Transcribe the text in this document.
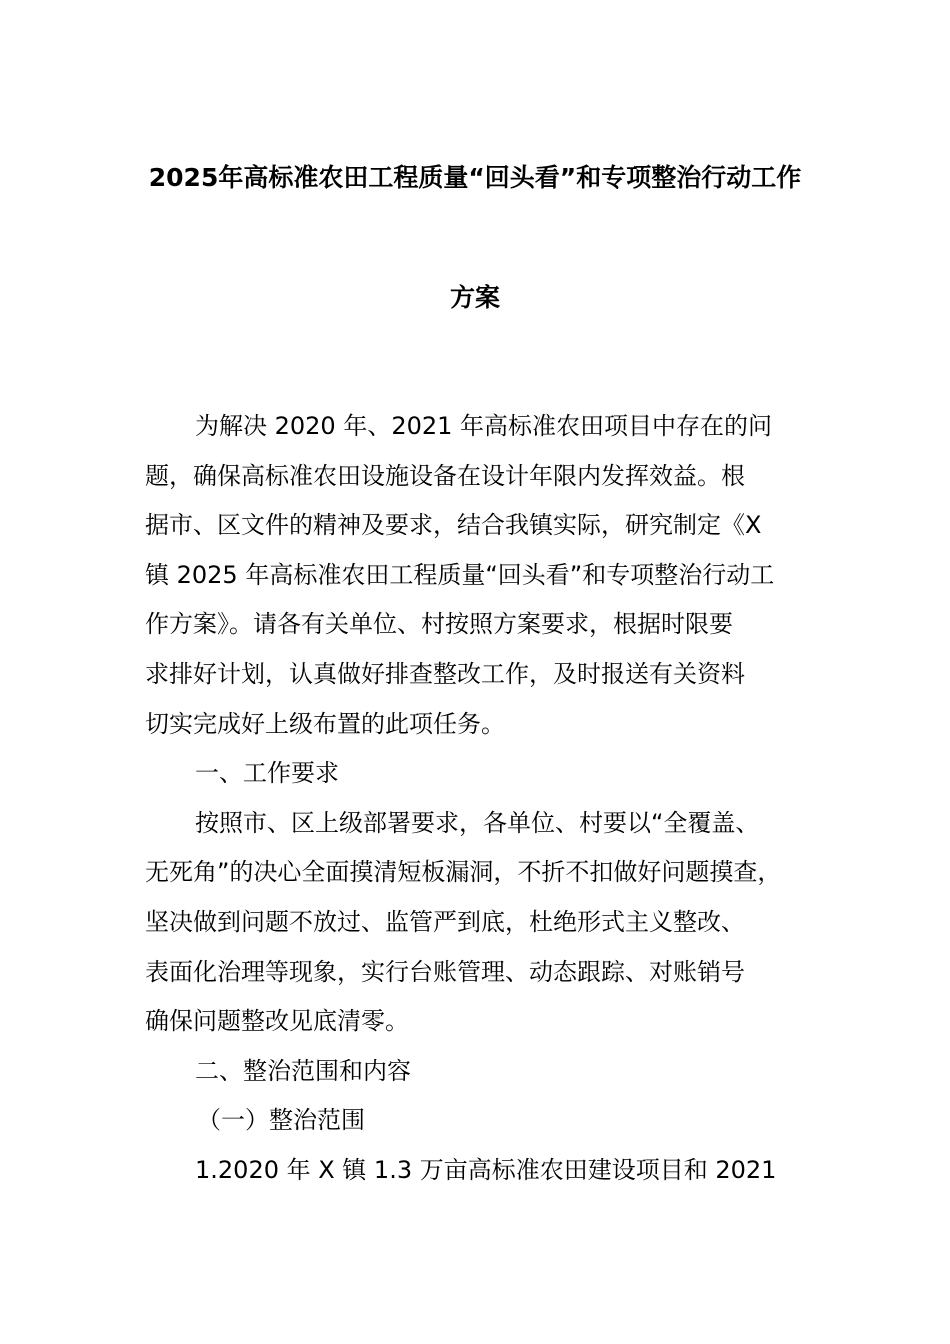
2025年高标准农田工程质量“回头看”和专项整治行动工作
方案
为解决 2020 年、2021 年高标准农田项目中存在的问
题，确保高标准农田设施设备在设计年限内发挥效益。根
据市、区文件的精神及要求，结合我镇实际，研究制定《X
镇 2025 年高标准农田工程质量“回头看”和专项整治行动工
作方案》。请各有关单位、村按照方案要求，根据时限要
求排好计划，认真做好排查整改工作，及时报送有关资料
切实完成好上级布置的此项任务。
一、工作要求
按照市、区上级部署要求，各单位、村要以“全覆盖、
无死角”的决心全面摸清短板漏洞，不折不扣做好问题摸查，
坚决做到问题不放过、监管严到底，杜绝形式主义整改、
表面化治理等现象，实行台账管理、动态跟踪、对账销号
确保问题整改见底清零。
二、整治范围和内容
（一）整治范围
1.2020 年 X 镇 1.3 万亩高标准农田建设项目和 2021
